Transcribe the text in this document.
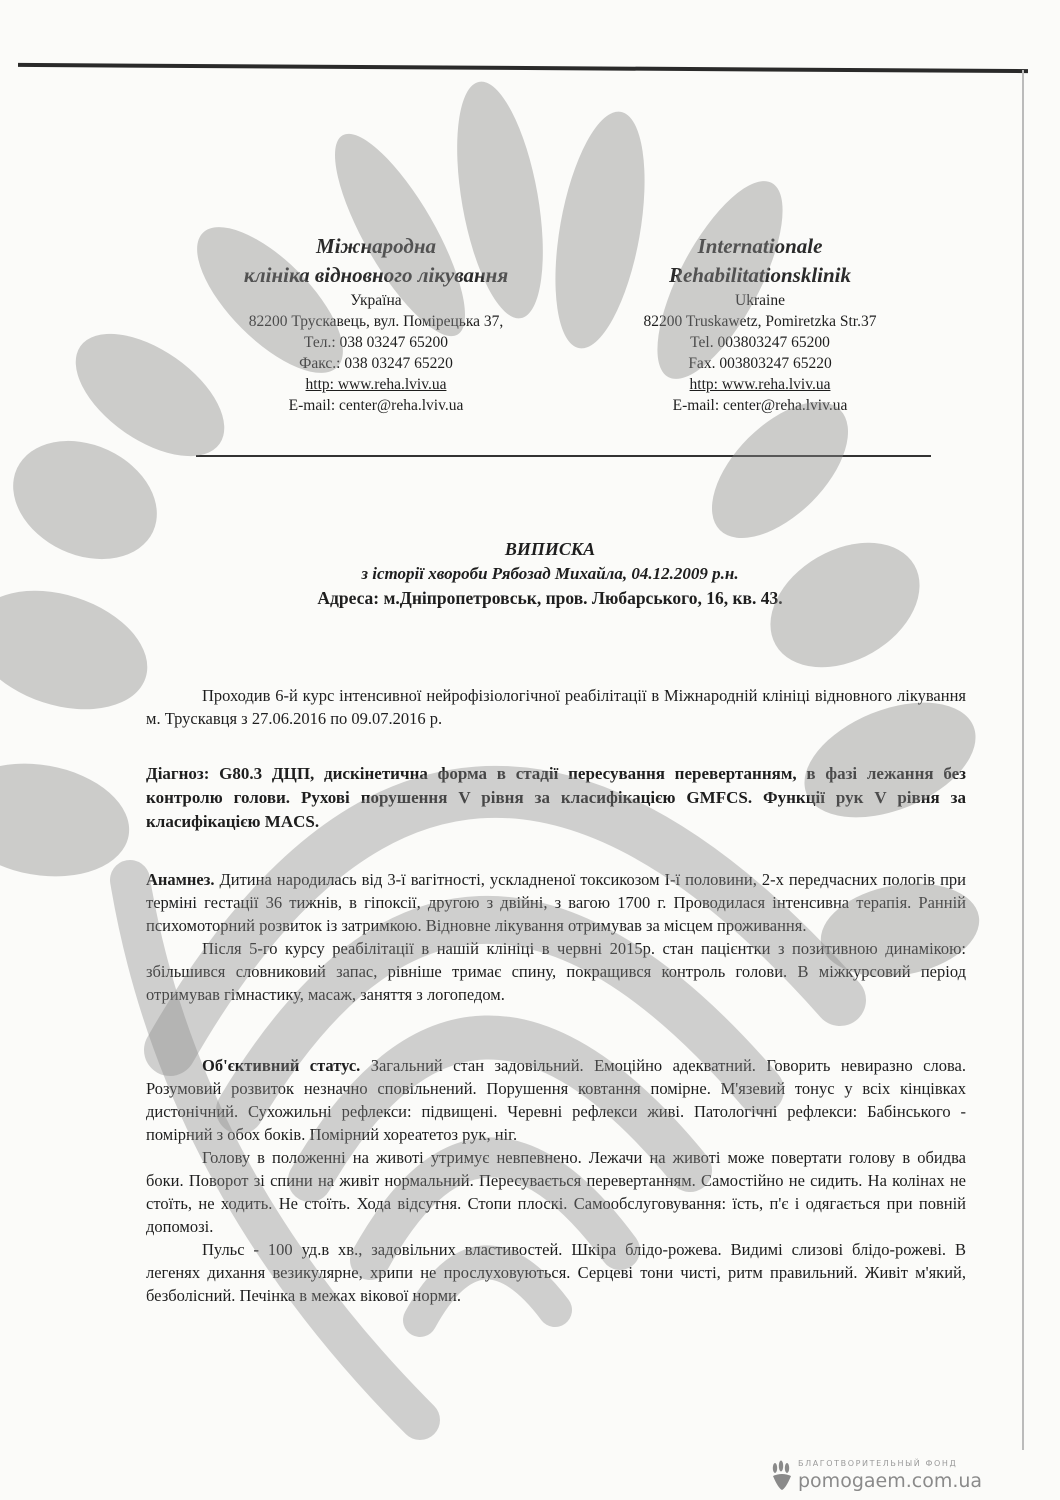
Міжнародна
клініка відновного лікування
Україна
82200 Трускавець, вул. Помірецька 37,
Тел.: 038 03247 65200
Факс.: 038 03247 65220
http: www.reha.lviv.ua
E-mail: center@reha.lviv.ua
Internationale
Rehabilitationsklinik
Ukraine
82200 Truskawetz, Pomiretzka Str.37
Tel. 003803247 65200
Fax. 003803247 65220
http: www.reha.lviv.ua
E-mail: center@reha.lviv.ua
ВИПИСКА
з історії хвороби Рябозад Михайла, 04.12.2009 р.н.
Адреса: м.Дніпропетровськ, пров. Любарського, 16, кв. 43.

Проходив 6-й курс інтенсивної нейрофізіологічної реабілітації в Міжнародній клініці відновного лікування м. Трускавця з 27.06.2016 по 09.07.2016 р.

Діагноз: G80.3 ДЦП, дискінетична форма в стадії пересування перевертанням, в фазі лежання без контролю голови. Рухові порушення V рівня за класифікацією GMFCS. Функції рук V рівня за класифікацією MACS.

Анамнез. Дитина народилась від 3-ї вагітності, ускладненої токсикозом І-ї половини, 2-х передчасних пологів при терміні гестації 36 тижнів, в гіпоксії, другою з двійні, з вагою 1700 г. Проводилася інтенсивна терапія. Ранній психомоторний розвиток із затримкою. Відновне лікування отримував за місцем проживання.

Після 5-го курсу реабілітації в нашій клініці в червні 2015р. стан пацієнтки з позитивною динамікою: збільшився словниковий запас, рівніше тримає спину, покращився контроль голови. В міжкурсовий період отримував гімнастику, масаж, заняття з логопедом.

Об'єктивний статус. Загальний стан задовільний. Емоційно адекватний. Говорить невиразно слова. Розумовий розвиток незначно сповільнений. Порушення ковтання помірне. М'язевий тонус у всіх кінцівках дистонічний. Сухожильні рефлекси: підвищені. Черевні рефлекси живі. Патологічні рефлекси: Бабінського - помірний з обох боків. Помірний хореатетоз рук, ніг.

Голову в положенні на животі утримує невпевнено. Лежачи на животі може повертати голову в обидва боки. Поворот зі спини на живіт нормальний. Пересувається перевертанням. Самостійно не сидить. На колінах не стоїть, не ходить. Не стоїть. Хода відсутня. Стопи плоскі. Самообслуговування: їсть, п'є і одягається при повній допомозі.

Пульс - 100 уд.в хв., задовільних властивостей. Шкіра блідо-рожева. Видимі слизові блідо-рожеві. В легенях дихання везикулярне, хрипи не прослуховуються. Серцеві тони чисті, ритм правильний. Живіт м'який, безболісний. Печінка в межах вікової норми.

БЛАГОТВОРИТЕЛЬНЫЙ ФОНД
pomogaem.com.ua
